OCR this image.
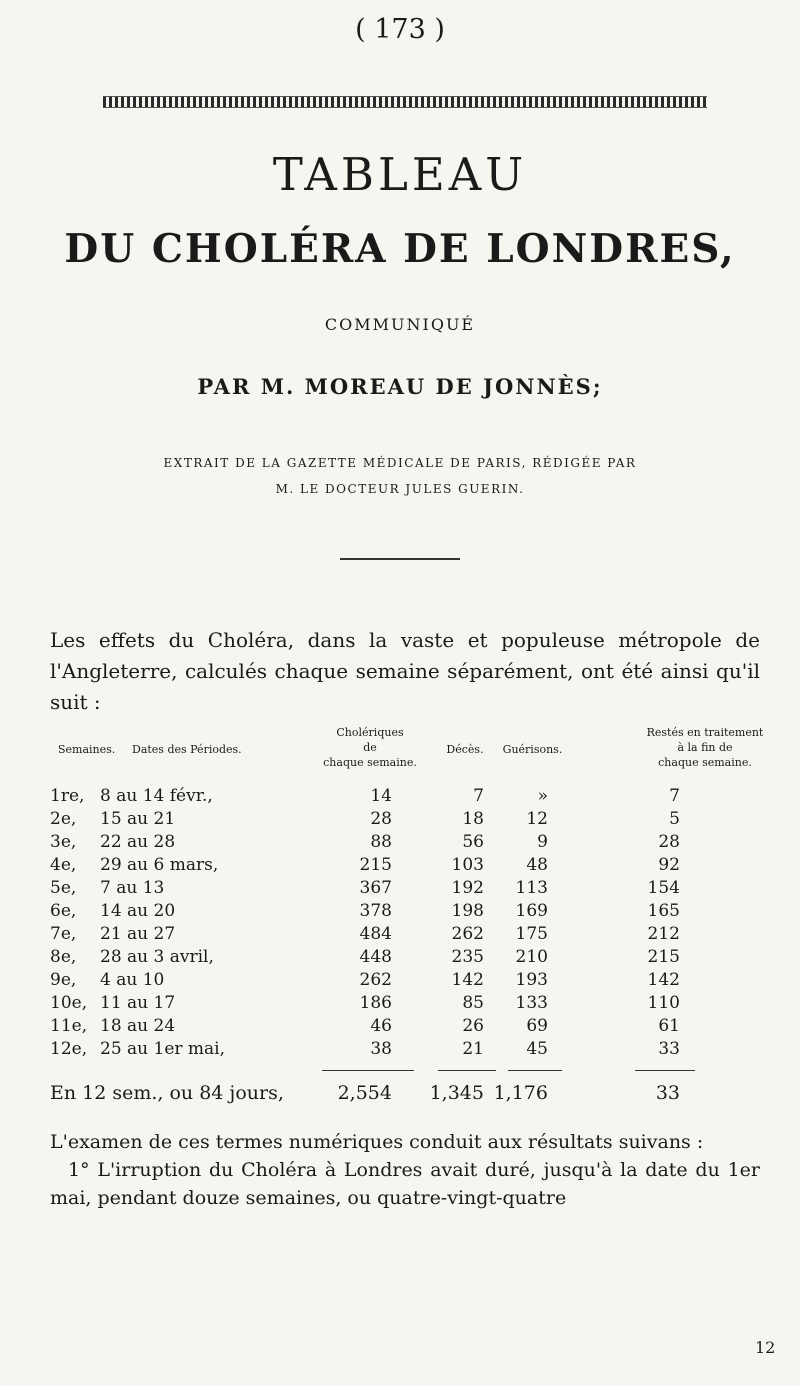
( 173 )
TABLEAU
DU CHOLÉRA DE LONDRES,
COMMUNIQUÉ
PAR M. MOREAU DE JONNÈS;
EXTRAIT DE LA GAZETTE MÉDICALE DE PARIS, RÉDIGÉE PAR
M. LE DOCTEUR JULES GUERIN.
Les effets du Choléra, dans la vaste et populeuse métropole de l'Angleterre, calculés chaque semaine séparément, ont été ainsi qu'il suit :
Semaines.	Dates des Périodes.
Cholériques
de
chaque semaine.
Décès.	Guérisons.
Restés en traitement
à la fin de
chaque semaine.
1re, 8 au 14 févr.,	14	7	»	7
2e,	15 au 21	28	18	12	5
3e,	22 au 28	88	56	9	28
4e,	29 au 6 mars,	215	103	48	92
5e,	7 au 13	367	192	113	154
6e,	14 au 20	378	198	169	165
7e,	21 au 27	484	262	175	212
8e,	28 au 3 avril,	448	235	210	215
9e,	4 au 10	262	142	193	142
10e, 11 au 17	186	85	133	110
11e, 18 au 24	46	26	69	61
12e, 25 au 1er mai,	38	21	45	33
En 12 sem., ou 84 jours,	2,554 1,345 1,176	33
L'examen de ces termes numériques conduit aux résultats suivans :
1° L'irruption du Choléra à Londres avait duré, jusqu'à la date du 1er mai, pendant douze semaines, ou quatre-vingt-quatre
12
